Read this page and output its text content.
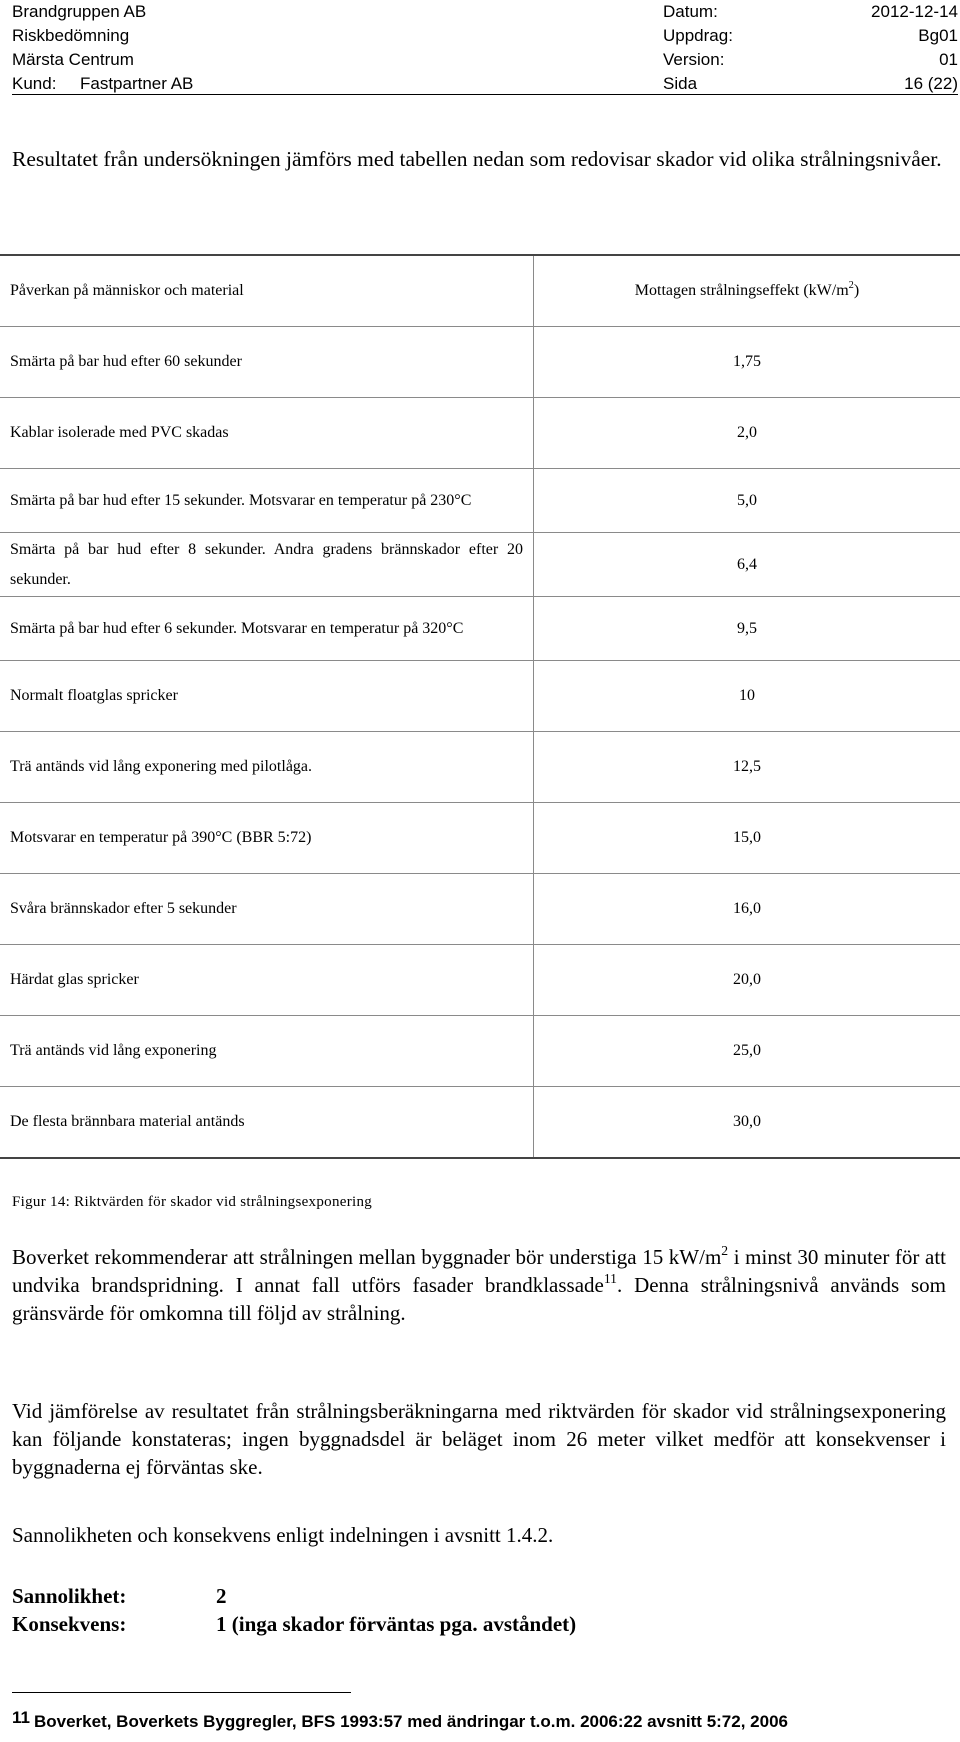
Brandgruppen AB	Datum:	2012-12-14
Riskbedömning	Uppdrag:	Bg01
Märsta Centrum	Version:	01
Kund: Fastpartner AB	Sida	16 (22)
Resultatet från undersökningen jämförs med tabellen nedan som redovisar skador vid olika strålningsnivåer.
Påverkan på människor och material	Mottagen strålningseffekt $(kW/m^2)$
Smärta på bar hud efter 60 sekunder	1,75
Kablar isolerade med PVC skadas	2,0
Smärta på bar hud efter 15 sekunder. Motsvarar en temperatur på 230°C	5,0
Smärta på bar hud efter 8 sekunder. Andra gradens brännskador efter 20 sekunder.	6,4
Smärta på bar hud efter 6 sekunder. Motsvarar en temperatur på 320°C	9,5
Normalt floatglas spricker	10
Trä antänds vid lång exponering med pilotlåga.	12,5
Motsvarar en temperatur på 390°C (BBR 5:72)	15,0
Svåra brännskador efter 5 sekunder	16,0
Härdat glas spricker	20,0
Trä antänds vid lång exponering	25,0
De flesta brännbara material antänds	30,0
Figur 14: Riktvärden för skador vid strålningsexponering
Boverket rekommenderar att strålningen mellan byggnader bör understiga 15 $kW/m^2$ i minst 30 minuter för att undvika brandspridning. I annat fall utförs fasader brandklassade$^{11}$. Denna strålningsnivå används som gränsvärde för omkomna till följd av strålning.
Vid jämförelse av resultatet från strålningsberäkningarna med riktvärden för skador vid strålningsexponering kan följande konstateras; ingen byggnadsdel är beläget inom 26 meter vilket medför att konsekvenser i byggnaderna ej förväntas ske.
Sannolikheten och konsekvens enligt indelningen i avsnitt 1.4.2.
Sannolikhet:	2
Konsekvens:	1 (inga skador förväntas pga. avståndet)
11 Boverket, Boverkets Byggregler, BFS 1993:57 med ändringar t.o.m. 2006:22 avsnitt 5:72, 2006
